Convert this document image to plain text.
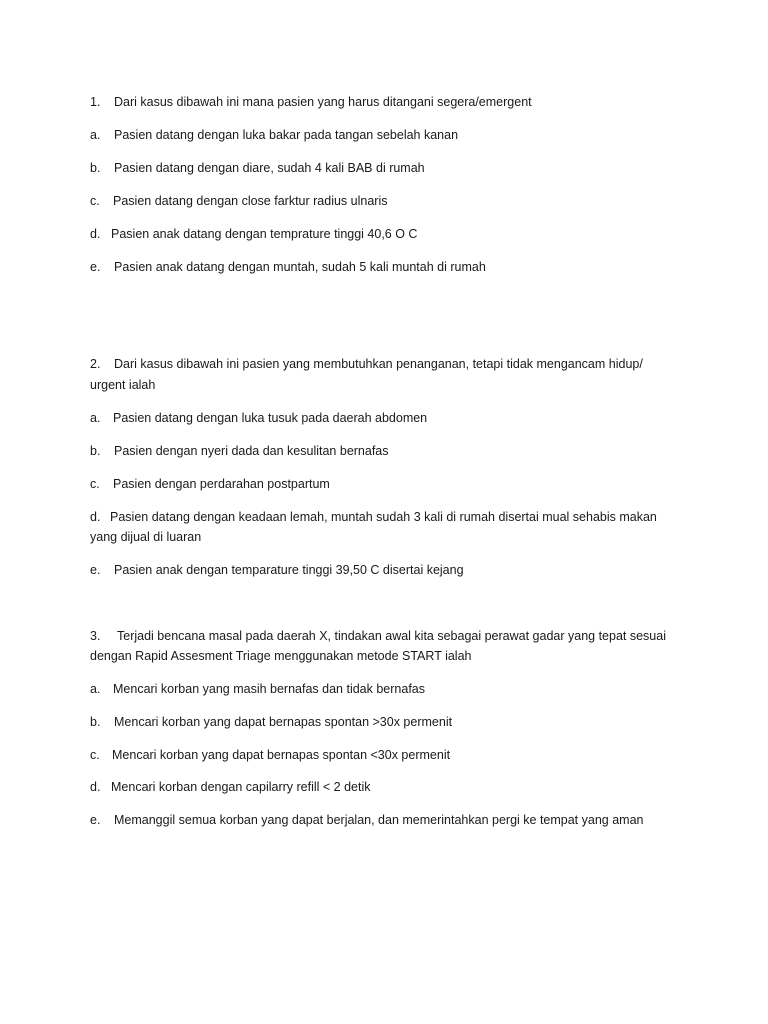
1. Dari kasus dibawah ini mana pasien yang harus ditangani segera/emergent
a. Pasien datang dengan luka bakar pada tangan sebelah kanan
b. Pasien datang dengan diare, sudah 4 kali BAB di rumah
c. Pasien datang dengan close farktur radius ulnaris
d. Pasien anak datang dengan temprature tinggi 40,6 O C
e. Pasien anak datang dengan muntah, sudah 5 kali muntah di rumah
2. Dari kasus dibawah ini pasien yang membutuhkan penanganan, tetapi tidak mengancam hidup/
urgent ialah
a. Pasien datang dengan luka tusuk pada daerah abdomen
b. Pasien dengan nyeri dada dan kesulitan bernafas
c. Pasien dengan perdarahan postpartum
d. Pasien datang dengan keadaan lemah, muntah sudah 3 kali di rumah disertai mual sehabis makan
yang dijual di luaran
e. Pasien anak dengan temparature tinggi 39,50 C disertai kejang
3. Terjadi bencana masal pada daerah X, tindakan awal kita sebagai perawat gadar yang tepat sesuai
dengan Rapid Assesment Triage menggunakan metode START ialah
a. Mencari korban yang masih bernafas dan tidak bernafas
b. Mencari korban yang dapat bernapas spontan >30x permenit
c. Mencari korban yang dapat bernapas spontan <30x permenit
d. Mencari korban dengan capilarry refill < 2 detik
e. Memanggil semua korban yang dapat berjalan, dan memerintahkan pergi ke tempat yang aman
